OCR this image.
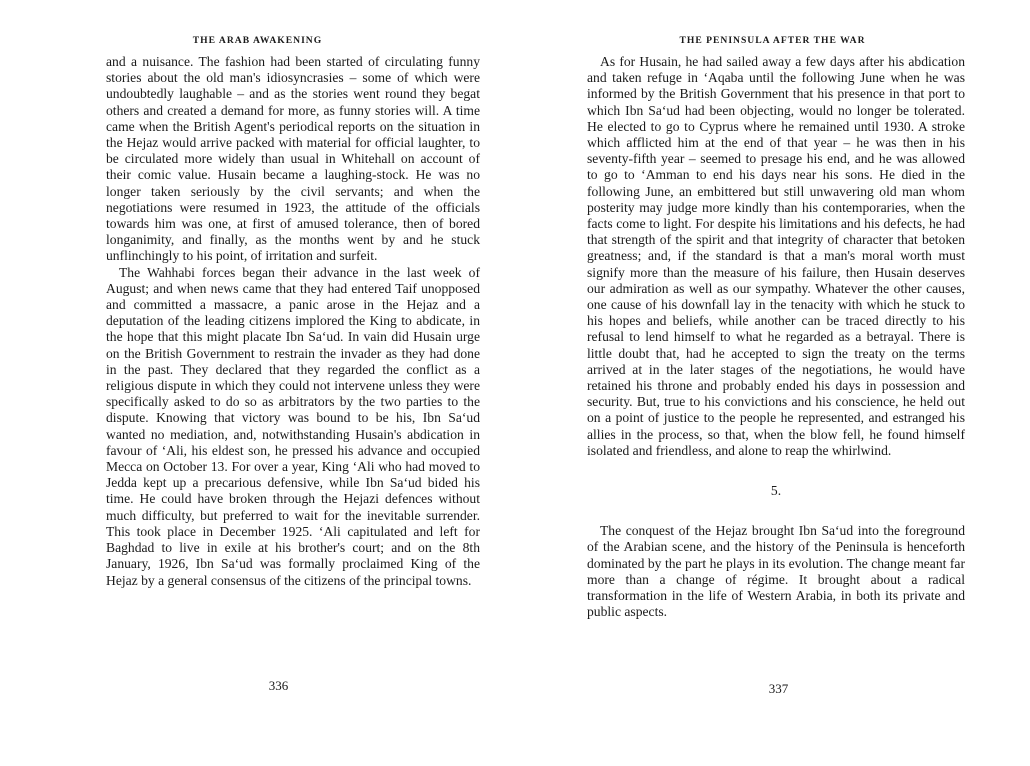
THE ARAB AWAKENING

and a nuisance. The fashion had been started of circulating funny stories about the old man's idiosyncrasies – some of which were undoubtedly laughable – and as the stories went round they begat others and created a demand for more, as funny stories will. A time came when the British Agent's periodical reports on the situation in the Hejaz would arrive packed with material for official laughter, to be circulated more widely than usual in Whitehall on account of their comic value. Husain became a laughing-stock. He was no longer taken seriously by the civil servants; and when the negotiations were resumed in 1923, the attitude of the officials towards him was one, at first of amused tolerance, then of bored longanimity, and finally, as the months went by and he stuck unflinchingly to his point, of irritation and surfeit.

The Wahhabi forces began their advance in the last week of August; and when news came that they had entered Taif unopposed and committed a massacre, a panic arose in the Hejaz and a deputation of the leading citizens implored the King to abdicate, in the hope that this might placate Ibn Sa‘ud. In vain did Husain urge on the British Government to restrain the invader as they had done in the past. They declared that they regarded the conflict as a religious dispute in which they could not intervene unless they were specifically asked to do so as arbitrators by the two parties to the dispute. Knowing that victory was bound to be his, Ibn Sa‘ud wanted no mediation, and, notwithstanding Husain's abdication in favour of ‘Ali, his eldest son, he pressed his advance and occupied Mecca on October 13. For over a year, King ‘Ali who had moved to Jedda kept up a precarious defensive, while Ibn Sa‘ud bided his time. He could have broken through the Hejazi defences without much difficulty, but preferred to wait for the inevitable surrender. This took place in December 1925. ‘Ali capitulated and left for Baghdad to live in exile at his brother's court; and on the 8th January, 1926, Ibn Sa‘ud was formally proclaimed King of the Hejaz by a general consensus of the citizens of the principal towns.

336
THE PENINSULA AFTER THE WAR

As for Husain, he had sailed away a few days after his abdication and taken refuge in ‘Aqaba until the following June when he was informed by the British Government that his presence in that port to which Ibn Sa‘ud had been objecting, would no longer be tolerated. He elected to go to Cyprus where he remained until 1930. A stroke which afflicted him at the end of that year – he was then in his seventy-fifth year – seemed to presage his end, and he was allowed to go to ‘Amman to end his days near his sons. He died in the following June, an embittered but still unwavering old man whom posterity may judge more kindly than his contemporaries, when the facts come to light. For despite his limitations and his defects, he had that strength of the spirit and that integrity of character that betoken greatness; and, if the standard is that a man's moral worth must signify more than the measure of his failure, then Husain deserves our admiration as well as our sympathy. Whatever the other causes, one cause of his downfall lay in the tenacity with which he stuck to his hopes and beliefs, while another can be traced directly to his refusal to lend himself to what he regarded as a betrayal. There is little doubt that, had he accepted to sign the treaty on the terms arrived at in the later stages of the negotiations, he would have retained his throne and probably ended his days in possession and security. But, true to his convictions and his conscience, he held out on a point of justice to the people he represented, and estranged his allies in the process, so that, when the blow fell, he found himself isolated and friendless, and alone to reap the whirlwind.

5.

The conquest of the Hejaz brought Ibn Sa‘ud into the foreground of the Arabian scene, and the history of the Peninsula is henceforth dominated by the part he plays in its evolution. The change meant far more than a change of régime. It brought about a radical transformation in the life of Western Arabia, in both its private and public aspects.

337
